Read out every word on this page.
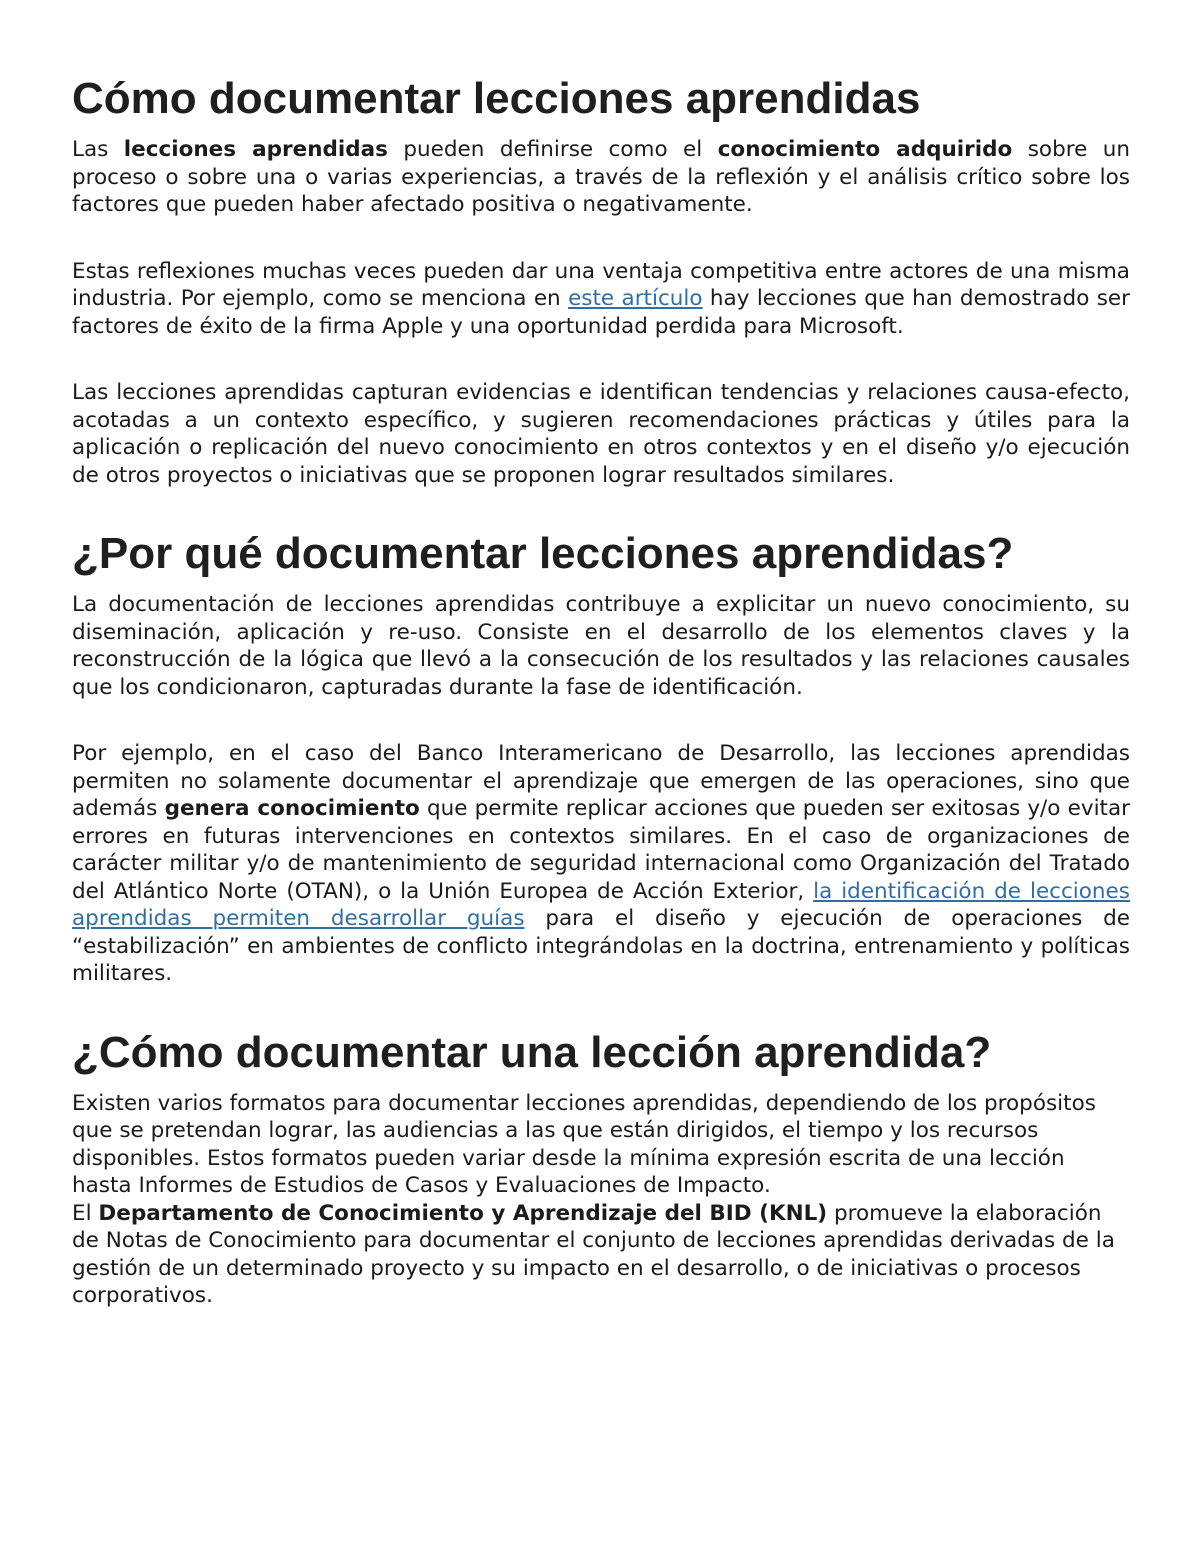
Cómo documentar lecciones aprendidas

Las lecciones aprendidas pueden definirse como el conocimiento adquirido sobre un proceso o sobre una o varias experiencias, a través de la reflexión y el análisis crítico sobre los factores que pueden haber afectado positiva o negativamente.

Estas reflexiones muchas veces pueden dar una ventaja competitiva entre actores de una misma industria. Por ejemplo, como se menciona en este artículo hay lecciones que han demostrado ser factores de éxito de la firma Apple y una oportunidad perdida para Microsoft.

Las lecciones aprendidas capturan evidencias e identifican tendencias y relaciones causa-efecto, acotadas a un contexto específico, y sugieren recomendaciones prácticas y útiles para la aplicación o replicación del nuevo conocimiento en otros contextos y en el diseño y/o ejecución de otros proyectos o iniciativas que se proponen lograr resultados similares.

¿Por qué documentar lecciones aprendidas?

La documentación de lecciones aprendidas contribuye a explicitar un nuevo conocimiento, su diseminación, aplicación y re-uso. Consiste en el desarrollo de los elementos claves y la reconstrucción de la lógica que llevó a la consecución de los resultados y las relaciones causales que los condicionaron, capturadas durante la fase de identificación.

Por ejemplo, en el caso del Banco Interamericano de Desarrollo, las lecciones aprendidas permiten no solamente documentar el aprendizaje que emergen de las operaciones, sino que además genera conocimiento que permite replicar acciones que pueden ser exitosas y/o evitar errores en futuras intervenciones en contextos similares. En el caso de organizaciones de carácter militar y/o de mantenimiento de seguridad internacional como Organización del Tratado del Atlántico Norte (OTAN), o la Unión Europea de Acción Exterior, la identificación de lecciones aprendidas permiten desarrollar guías para el diseño y ejecución de operaciones de “estabilización” en ambientes de conflicto integrándolas en la doctrina, entrenamiento y políticas militares.

¿Cómo documentar una lección aprendida?

Existen varios formatos para documentar lecciones aprendidas, dependiendo de los propósitos que se pretendan lograr, las audiencias a las que están dirigidos, el tiempo y los recursos disponibles. Estos formatos pueden variar desde la mínima expresión escrita de una lección hasta Informes de Estudios de Casos y Evaluaciones de Impacto.

El Departamento de Conocimiento y Aprendizaje del BID (KNL) promueve la elaboración de Notas de Conocimiento para documentar el conjunto de lecciones aprendidas derivadas de la gestión de un determinado proyecto y su impacto en el desarrollo, o de iniciativas o procesos corporativos.
